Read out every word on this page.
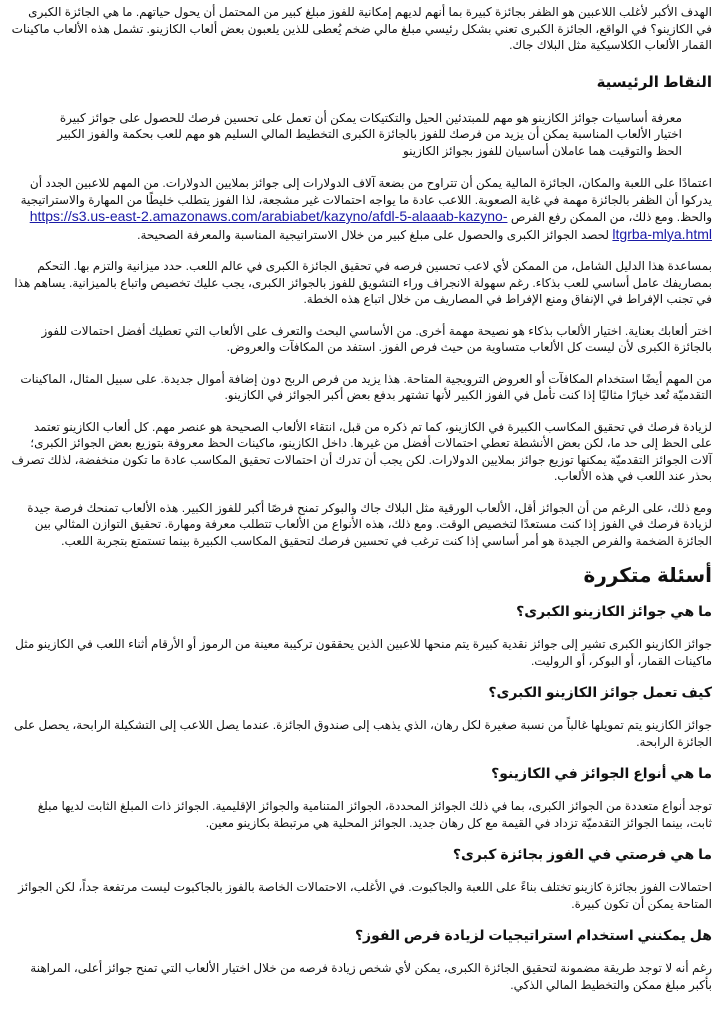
الهدف الأكبر لأغلب اللاعبين هو الظفر بجائزة كبيرة بما أنهم لديهم إمكانية للفوز مبلغ كبير من المحتمل أن يحول حياتهم. ما هي الجائزة الكبرى في الكازينو؟ في الواقع، الجائزة الكبرى تعني بشكل رئيسي مبلغ مالي ضخم يُعطى للذين يلعبون بعض ألعاب الكازينو. تشمل هذه الألعاب ماكينات القمار الألعاب الكلاسيكية مثل البلاك جاك.

النقاط الرئيسية

معرفة أساسيات جوائز الكازينو هو مهم للمبتدئين الحيل والتكتيكات يمكن أن تعمل على تحسين فرصك للحصول على جوائز كبيرة اختيار الألعاب المناسبة يمكن أن يزيد من فرصك للفوز بالجائزة الكبرى التخطيط المالي السليم هو مهم للعب بحكمة والفوز الكبير الحظ والتوقيت هما عاملان أساسيان للفوز بجوائز الكازينو

اعتمادًا على اللعبة والمكان، الجائزة المالية يمكن أن تتراوح من بضعة آلاف الدولارات إلى جوائز بملايين الدولارات. من المهم للاعبين الجدد أن يدركوا أن الظفر بالجائزة مهمة في غاية الصعوبة. اللاعب عادة ما يواجه احتمالات غير مشجعة، لذا الفوز يتطلب خليطًا من المهارة والاستراتيجية والحظ. ومع ذلك، من الممكن رفع الفرص https://s3.us-east-2.amazonaws.com/arabiabet/kazyno/afdl-5-alaaab-kazyno-ltgrba-mlya.html لحصد الجوائز الكبرى والحصول على مبلغ كبير من خلال الاستراتيجية المناسبة والمعرفة الصحيحة.

بمساعدة هذا الدليل الشامل، من الممكن لأي لاعب تحسين فرصه في تحقيق الجائزة الكبرى في عالم اللعب. حدد ميزانية والتزم بها. التحكم بمصاريفك عامل أساسي للعب بذكاء. رغم سهولة الانجراف وراء التشويق للفوز بالجوائز الكبرى، يجب عليك تخصيص واتباع بالميزانية. يساهم هذا في تجنب الإفراط في الإنفاق ومنع الإفراط في المصاريف من خلال اتباع هذه الخطة.

اختر ألعابك بعناية. اختيار الألعاب بذكاء هو نصيحة مهمة أخرى. من الأساسي البحث والتعرف على الألعاب التي تعطيك أفضل احتمالات للفوز بالجائزة الكبرى لأن ليست كل الألعاب متساوية من حيث فرص الفوز. استفد من المكافآت والعروض.

من المهم أيضًا استخدام المكافآت أو العروض الترويجية المتاحة. هذا يزيد من فرص الربح دون إضافة أموال جديدة. على سبيل المثال، الماكينات التقدميّة تُعد خيارًا مثاليًا إذا كنت تأمل في الفوز الكبير لأنها تشتهر بدفع بعض أكبر الجوائز في الكازينو.

لزيادة فرصك في تحقيق المكاسب الكبيرة في الكازينو، كما تم ذكره من قبل، انتقاء الألعاب الصحيحة هو عنصر مهم. كل ألعاب الكازينو تعتمد على الحظ إلى حد ما، لكن بعض الأنشطة تعطي احتمالات أفضل من غيرها. داخل الكازينو، ماكينات الحظ معروفة بتوزيع بعض الجوائز الكبرى؛ آلات الجوائز التقدميّة يمكنها توزيع جوائز بملايين الدولارات. لكن يجب أن تدرك أن احتمالات تحقيق المكاسب عادة ما تكون منخفضة، لذلك تصرف بحذر عند اللعب في هذه الألعاب.

ومع ذلك، على الرغم من أن الجوائز أقل، الألعاب الورقية مثل البلاك جاك والبوكر تمنح فرصًا أكبر للفوز الكبير. هذه الألعاب تمنحك فرصة جيدة لزيادة فرصك في الفوز إذا كنت مستعدًا لتخصيص الوقت. ومع ذلك، هذه الأنواع من الألعاب تتطلب معرفة ومهارة. تحقيق التوازن المثالي بين الجائزة الضخمة والفرص الجيدة هو أمر أساسي إذا كنت ترغب في تحسين فرصك لتحقيق المكاسب الكبيرة بينما تستمتع بتجربة اللعب.

أسئلة متكررة
ما هي جوائز الكازينو الكبرى؟

جوائز الكازينو الكبرى تشير إلى جوائز نقدية كبيرة يتم منحها للاعبين الذين يحققون تركيبة معينة من الرموز أو الأرقام أثناء اللعب في الكازينو مثل ماكينات القمار، أو البوكر، أو الروليت.

كيف تعمل جوائز الكازينو الكبرى؟

جوائز الكازينو يتم تمويلها غالباً من نسبة صغيرة لكل رهان، الذي يذهب إلى صندوق الجائزة. عندما يصل اللاعب إلى التشكيلة الرابحة، يحصل على الجائزة الرابحة.

ما هي أنواع الجوائز في الكازينو؟

توجد أنواع متعددة من الجوائز الكبرى، بما في ذلك الجوائز المحددة، الجوائز المتنامية والجوائز الإقليمية. الجوائز ذات المبلغ الثابت لديها مبلغ ثابت، بينما الجوائز التقدميّة تزداد في القيمة مع كل رهان جديد. الجوائز المحلية هي مرتبطة بكازينو معين.

ما هي فرصتي في الفوز بجائزة كبرى؟

احتمالات الفوز بجائزة كازينو تختلف بناءً على اللعبة والجاكبوت. في الأغلب، الاحتمالات الخاصة بالفوز بالجاكبوت ليست مرتفعة جداً، لكن الجوائز المتاحة يمكن أن تكون كبيرة.

هل يمكنني استخدام استراتيجيات لزيادة فرص الفوز؟

رغم أنه لا توجد طريقة مضمونة لتحقيق الجائزة الكبرى، يمكن لأي شخص زيادة فرصه من خلال اختيار الألعاب التي تمنح جوائز أعلى، المراهنة بأكبر مبلغ ممكن والتخطيط المالي الذكي.
